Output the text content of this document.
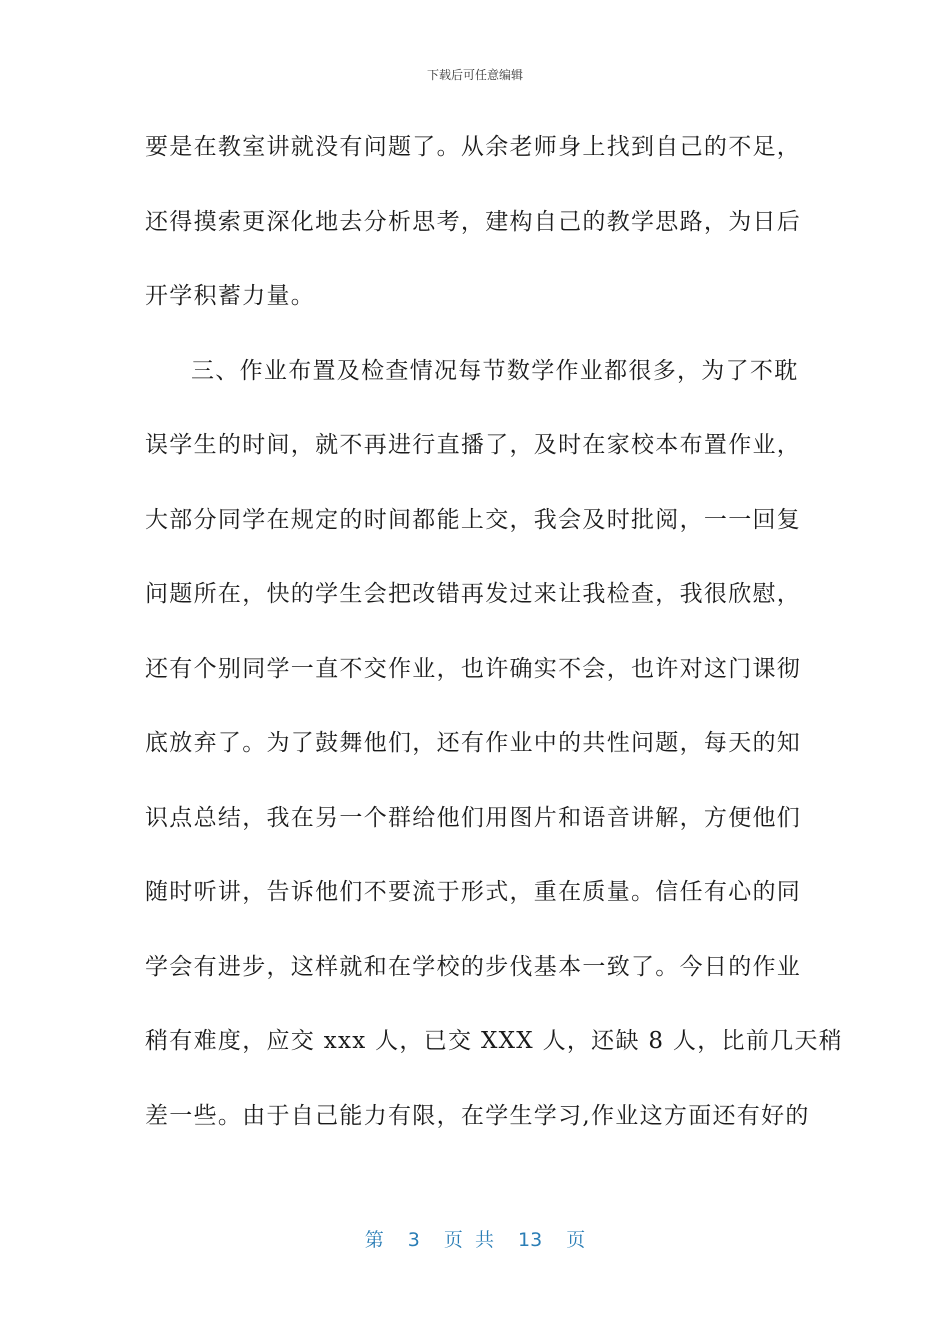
下载后可任意编辑
要是在教室讲就没有问题了。从余老师身上找到自己的不足，
还得摸索更深化地去分析思考，建构自己的教学思路，为日后
开学积蓄力量。
三、作业布置及检查情况每节数学作业都很多，为了不耽
误学生的时间，就不再进行直播了，及时在家校本布置作业，
大部分同学在规定的时间都能上交，我会及时批阅，一一回复
问题所在，快的学生会把改错再发过来让我检查，我很欣慰，
还有个别同学一直不交作业，也许确实不会，也许对这门课彻
底放弃了。为了鼓舞他们，还有作业中的共性问题，每天的知
识点总结，我在另一个群给他们用图片和语音讲解，方便他们
随时听讲，告诉他们不要流于形式，重在质量。信任有心的同
学会有进步，这样就和在学校的步伐基本一致了。今日的作业
稍有难度，应交 xxx 人，已交 XXX 人，还缺 8 人，比前几天稍
差一些。由于自己能力有限，在学生学习,作业这方面还有好的
第 3 页 共 13 页
